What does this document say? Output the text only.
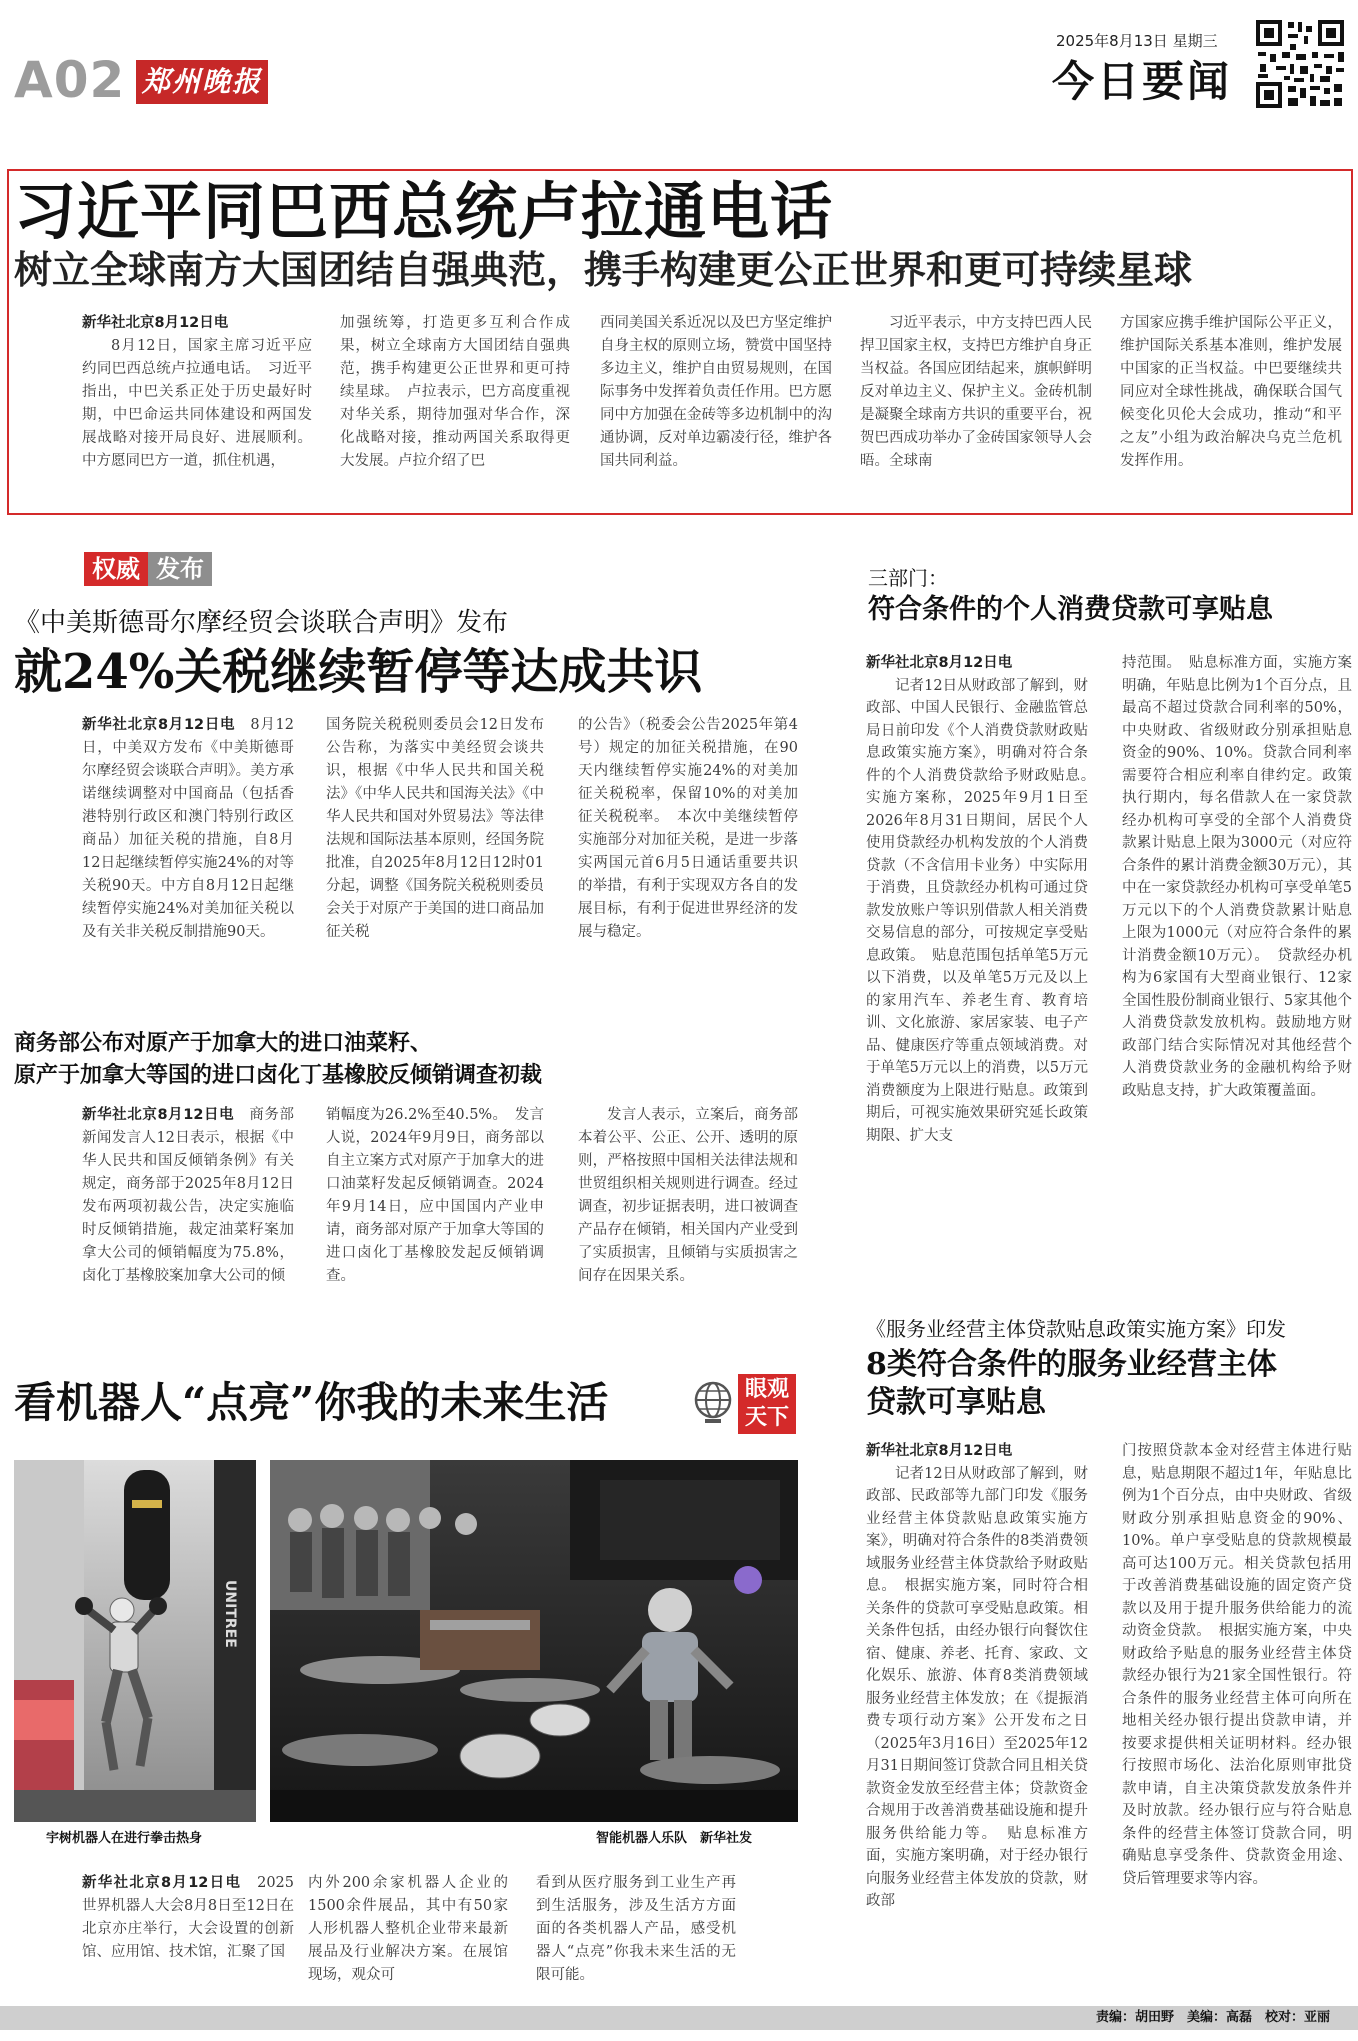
A02 郑州晚报
2025年8月13日 星期三
今日要闻
习近平同巴西总统卢拉通电话
树立全球南方大国团结自强典范，携手构建更公正世界和更可持续星球

新华社北京8月12日电

8月12日，国家主席习近平应约同巴西总统卢拉通电话。　习近平指出，中巴关系正处于历史最好时期，中巴命运共同体建设和两国发展战略对接开局良好、进展顺利。中方愿同巴方一道，抓住机遇，

加强统筹，打造更多互利合作成果，树立全球南方大国团结自强典范，携手构建更公正世界和更可持续星球。　卢拉表示，巴方高度重视对华关系，期待加强对华合作，深化战略对接，推动两国关系取得更大发展。卢拉介绍了巴

西同美国关系近况以及巴方坚定维护自身主权的原则立场，赞赏中国坚持多边主义，维护自由贸易规则，在国际事务中发挥着负责任作用。巴方愿同中方加强在金砖等多边机制中的沟通协调，反对单边霸凌行径，维护各国共同利益。

习近平表示，中方支持巴西人民捍卫国家主权，支持巴方维护自身正当权益。各国应团结起来，旗帜鲜明反对单边主义、保护主义。金砖机制是凝聚全球南方共识的重要平台，祝贺巴西成功举办了金砖国家领导人会晤。全球南

方国家应携手维护国际公平正义，维护国际关系基本准则，维护发展中国家的正当权益。中巴要继续共同应对全球性挑战，确保联合国气候变化贝伦大会成功，推动“和平之友”小组为政治解决乌克兰危机发挥作用。

权威 发布
《中美斯德哥尔摩经贸会谈联合声明》发布
就24%关税继续暂停等达成共识

新华社北京8月12日电　 8月12日，中美双方发布《中美斯德哥尔摩经贸会谈联合声明》。美方承诺继续调整对中国商品（包括香港特别行政区和澳门特别行政区商品）加征关税的措施，自8月12日起继续暂停实施24%的对等关税90天。中方自8月12日起继续暂停实施24%对美加征关税以及有关非关税反制措施90天。

国务院关税税则委员会12日发布公告称，为落实中美经贸会谈共识，根据《中华人民共和国关税法》《中华人民共和国海关法》《中华人民共和国对外贸易法》等法律法规和国际法基本原则，经国务院批准，自2025年8月12日12时01分起，调整《国务院关税税则委员会关于对原产于美国的进口商品加征关税

的公告》（税委会公告2025年第4号）规定的加征关税措施，在90天内继续暂停实施24%的对美加征关税税率，保留10%的对美加征关税税率。　本次中美继续暂停实施部分对加征关税，是进一步落实两国元首6月5日通话重要共识的举措，有利于实现双方各自的发展目标，有利于促进世界经济的发展与稳定。

商务部公布对原产于加拿大的进口油菜籽、
原产于加拿大等国的进口卤化丁基橡胶反倾销调查初裁

新华社北京8月12日电　 商务部新闻发言人12日表示，根据《中华人民共和国反倾销条例》有关规定，商务部于2025年8月12日发布两项初裁公告，决定实施临时反倾销措施，裁定油菜籽案加拿大公司的倾销幅度为75.8%，卤化丁基橡胶案加拿大公司的倾

销幅度为26.2%至40.5%。　发言人说，2024年9月9日，商务部以自主立案方式对原产于加拿大的进口油菜籽发起反倾销调查。2024年9月14日，应中国国内产业申请，商务部对原产于加拿大等国的进口卤化丁基橡胶发起反倾销调查。

发言人表示，立案后，商务部本着公平、公正、公开、透明的原则，严格按照中国相关法律法规和世贸组织相关规则进行调查。经过调查，初步证据表明，进口被调查产品存在倾销，相关国内产业受到了实质损害，且倾销与实质损害之间存在因果关系。

看机器人“点亮”你我的未来生活	眼观
天下
UNITREE
宇树机器人在进行拳击热身	智能机器人乐队　新华社发

新华社北京8月12日电　 2025世界机器人大会8月8日至12日在北京亦庄举行，大会设置的创新馆、应用馆、技术馆，汇聚了国

内外200余家机器人企业的1500余件展品，其中有50家人形机器人整机企业带来最新展品及行业解决方案。在展馆现场，观众可

看到从医疗服务到工业生产再到生活服务，涉及生活方方面面的各类机器人产品，感受机器人“点亮”你我未来生活的无限可能。

三部门：
符合条件的个人消费贷款可享贴息

新华社北京8月12日电

记者12日从财政部了解到，财政部、中国人民银行、金融监管总局日前印发《个人消费贷款财政贴息政策实施方案》，明确对符合条件的个人消费贷款给予财政贴息。　实施方案称，2025年9月1日至2026年8月31日期间，居民个人使用贷款经办机构发放的个人消费贷款（不含信用卡业务）中实际用于消费，且贷款经办机构可通过贷款发放账户等识别借款人相关消费交易信息的部分，可按规定享受贴息政策。　贴息范围包括单笔5万元以下消费，以及单笔5万元及以上的家用汽车、养老生育、教育培训、文化旅游、家居家装、电子产品、健康医疗等重点领域消费。对于单笔5万元以上的消费，以5万元消费额度为上限进行贴息。政策到期后，可视实施效果研究延长政策期限、扩大支

持范围。　贴息标准方面，实施方案明确，年贴息比例为1个百分点，且最高不超过贷款合同利率的50%，中央财政、省级财政分别承担贴息资金的90%、10%。贷款合同利率需要符合相应利率自律约定。政策执行期内，每名借款人在一家贷款经办机构可享受的全部个人消费贷款累计贴息上限为3000元（对应符合条件的累计消费金额30万元），其中在一家贷款经办机构可享受单笔5万元以下的个人消费贷款累计贴息上限为1000元（对应符合条件的累计消费金额10万元）。　贷款经办机构为6家国有大型商业银行、12家全国性股份制商业银行、5家其他个人消费贷款发放机构。鼓励地方财政部门结合实际情况对其他经营个人消费贷款业务的金融机构给予财政贴息支持，扩大政策覆盖面。

《服务业经营主体贷款贴息政策实施方案》印发
8类符合条件的服务业经营主体
贷款可享贴息

新华社北京8月12日电

记者12日从财政部了解到，财政部、民政部等九部门印发《服务业经营主体贷款贴息政策实施方案》，明确对符合条件的8类消费领域服务业经营主体贷款给予财政贴息。　根据实施方案，同时符合相关条件的贷款可享受贴息政策。相关条件包括，由经办银行向餐饮住宿、健康、养老、托育、家政、文化娱乐、旅游、体育8类消费领域服务业经营主体发放；在《提振消费专项行动方案》公开发布之日（2025年3月16日）至2025年12月31日期间签订贷款合同且相关贷款资金发放至经营主体；贷款资金合规用于改善消费基础设施和提升服务供给能力等。　贴息标准方面，实施方案明确，对于经办银行向服务业经营主体发放的贷款，财政部

门按照贷款本金对经营主体进行贴息，贴息期限不超过1年，年贴息比例为1个百分点，由中央财政、省级财政分别承担贴息资金的90%、10%。单户享受贴息的贷款规模最高可达100万元。相关贷款包括用于改善消费基础设施的固定资产贷款以及用于提升服务供给能力的流动资金贷款。　根据实施方案，中央财政给予贴息的服务业经营主体贷款经办银行为21家全国性银行。符合条件的服务业经营主体可向所在地相关经办银行提出贷款申请，并按要求提供相关证明材料。经办银行按照市场化、法治化原则审批贷款申请，自主决策贷款发放条件并及时放款。经办银行应与符合贴息条件的经营主体签订贷款合同，明确贴息享受条件、贷款资金用途、贷后管理要求等内容。

责编：胡田野　美编：高磊　校对：亚丽
